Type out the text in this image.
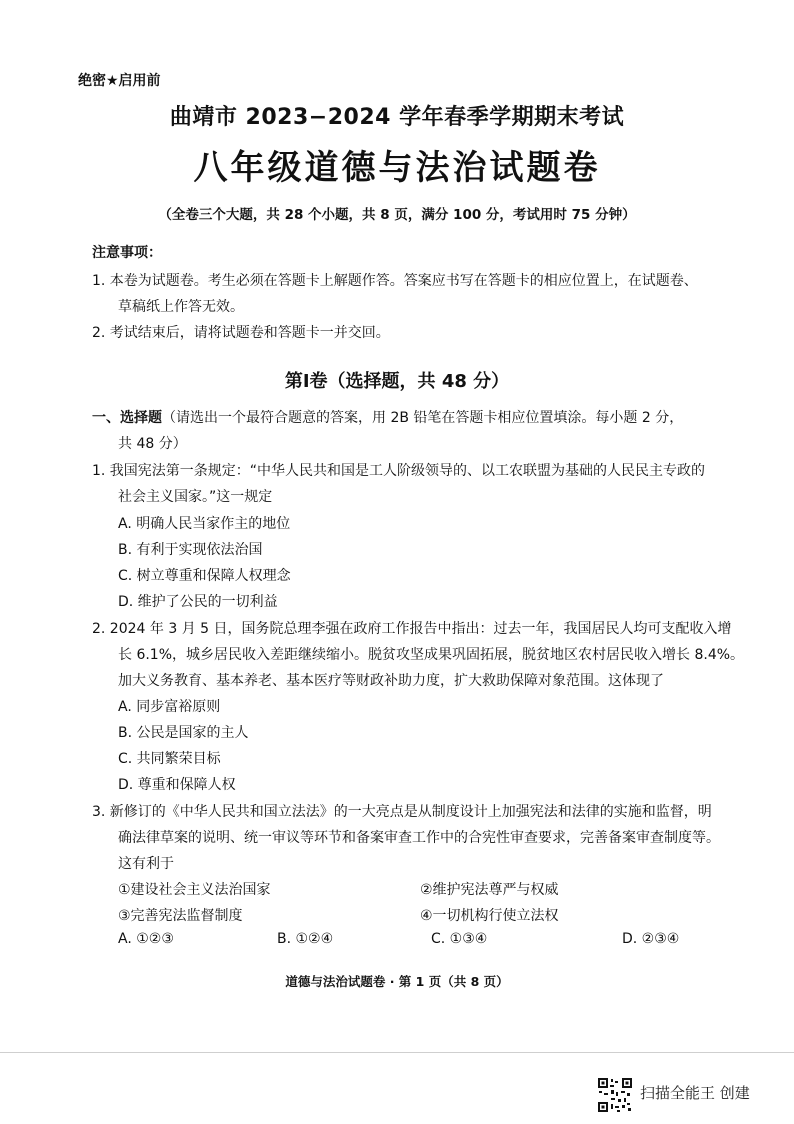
绝密★启用前
曲靖市 2023−2024 学年春季学期期末考试
八年级道德与法治试题卷
（全卷三个大题，共 28 个小题，共 8 页，满分 100 分，考试用时 75 分钟）
注意事项：
1. 本卷为试题卷。考生必须在答题卡上解题作答。答案应书写在答题卡的相应位置上，在试题卷、
草稿纸上作答无效。
2. 考试结束后，请将试题卷和答题卡一并交回。
第Ⅰ卷（选择题，共 48 分）
一、选择题（请选出一个最符合题意的答案，用 2B 铅笔在答题卡相应位置填涂。每小题 2 分，
共 48 分）
1. 我国宪法第一条规定：“中华人民共和国是工人阶级领导的、以工农联盟为基础的人民民主专政的
社会主义国家。”这一规定
A. 明确人民当家作主的地位
B. 有利于实现依法治国
C. 树立尊重和保障人权理念
D. 维护了公民的一切利益
2. 2024 年 3 月 5 日，国务院总理李强在政府工作报告中指出：过去一年，我国居民人均可支配收入增
长 6.1%，城乡居民收入差距继续缩小。脱贫攻坚成果巩固拓展，脱贫地区农村居民收入增长 8.4%。
加大义务教育、基本养老、基本医疗等财政补助力度，扩大救助保障对象范围。这体现了
A. 同步富裕原则
B. 公民是国家的主人
C. 共同繁荣目标
D. 尊重和保障人权
3. 新修订的《中华人民共和国立法法》的一大亮点是从制度设计上加强宪法和法律的实施和监督，明
确法律草案的说明、统一审议等环节和备案审查工作中的合宪性审查要求，完善备案审查制度等。
这有利于
①建设社会主义法治国家	②维护宪法尊严与权威
③完善宪法监督制度	④一切机构行使立法权
A. ①②③	B. ①②④	C. ①③④	D. ②③④
道德与法治试题卷 · 第 1 页（共 8 页）
扫描全能王 创建
